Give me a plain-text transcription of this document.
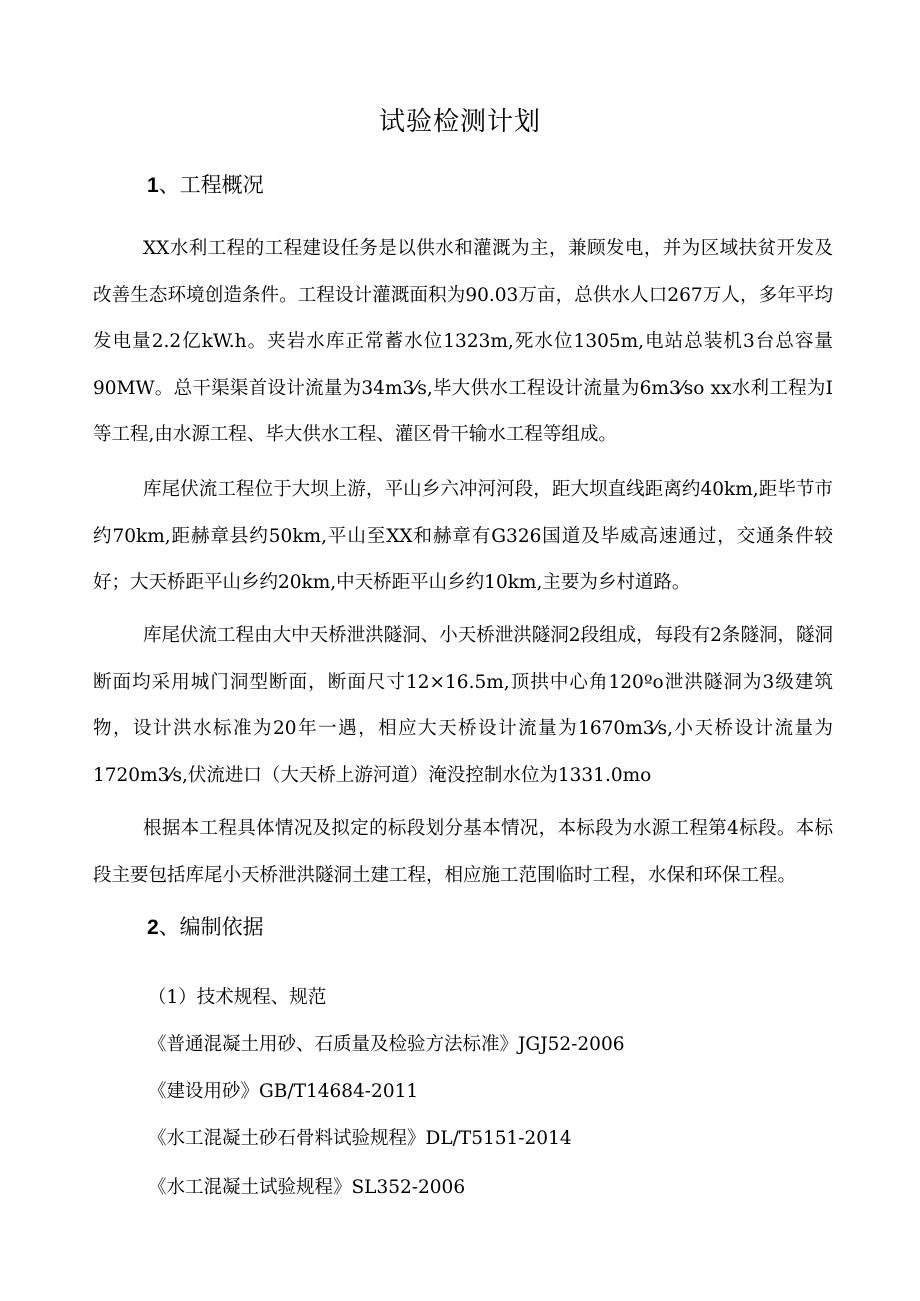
试验检测计划
1、工程概况

XX水利工程的工程建设任务是以供水和灌溉为主，兼顾发电，并为区域扶贫开发及改善生态环境创造条件。工程设计灌溉面积为90.03万亩，总供水人口267万人，多年平均发电量2.2亿kW.h。夹岩水库正常蓄水位1323m,死水位1305m,电站总装机3台总容量90MW。总干渠渠首设计流量为34m3⁄s,毕大供水工程设计流量为6m3⁄so xx水利工程为I等工程,由水源工程、毕大供水工程、灌区骨干输水工程等组成。

库尾伏流工程位于大坝上游，平山乡六冲河河段，距大坝直线距离约40km,距毕节市约70km,距赫章县约50km,平山至XX和赫章有G326国道及毕威高速通过，交通条件较好；大天桥距平山乡约20km,中天桥距平山乡约10km,主要为乡村道路。

库尾伏流工程由大中天桥泄洪隧洞、小天桥泄洪隧洞2段组成，每段有2条隧洞，隧洞断面均采用城门洞型断面，断面尺寸12×16.5m,顶拱中心角120ºo泄洪隧洞为3级建筑物，设计洪水标准为20年一遇，相应大天桥设计流量为1670m3⁄s,小天桥设计流量为1720m3⁄s,伏流进口（大天桥上游河道）淹没控制水位为1331.0mo

根据本工程具体情况及拟定的标段划分基本情况，本标段为水源工程第4标段。本标段主要包括库尾小天桥泄洪隧洞土建工程，相应施工范围临时工程，水保和环保工程。

2、编制依据
（1）技术规程、规范
《普通混凝土用砂、石质量及检验方法标准》JGJ52-2006
《建设用砂》GB/T14684-2011
《水工混凝土砂石骨料试验规程》DL/T5151-2014
《水工混凝土试验规程》SL352-2006
